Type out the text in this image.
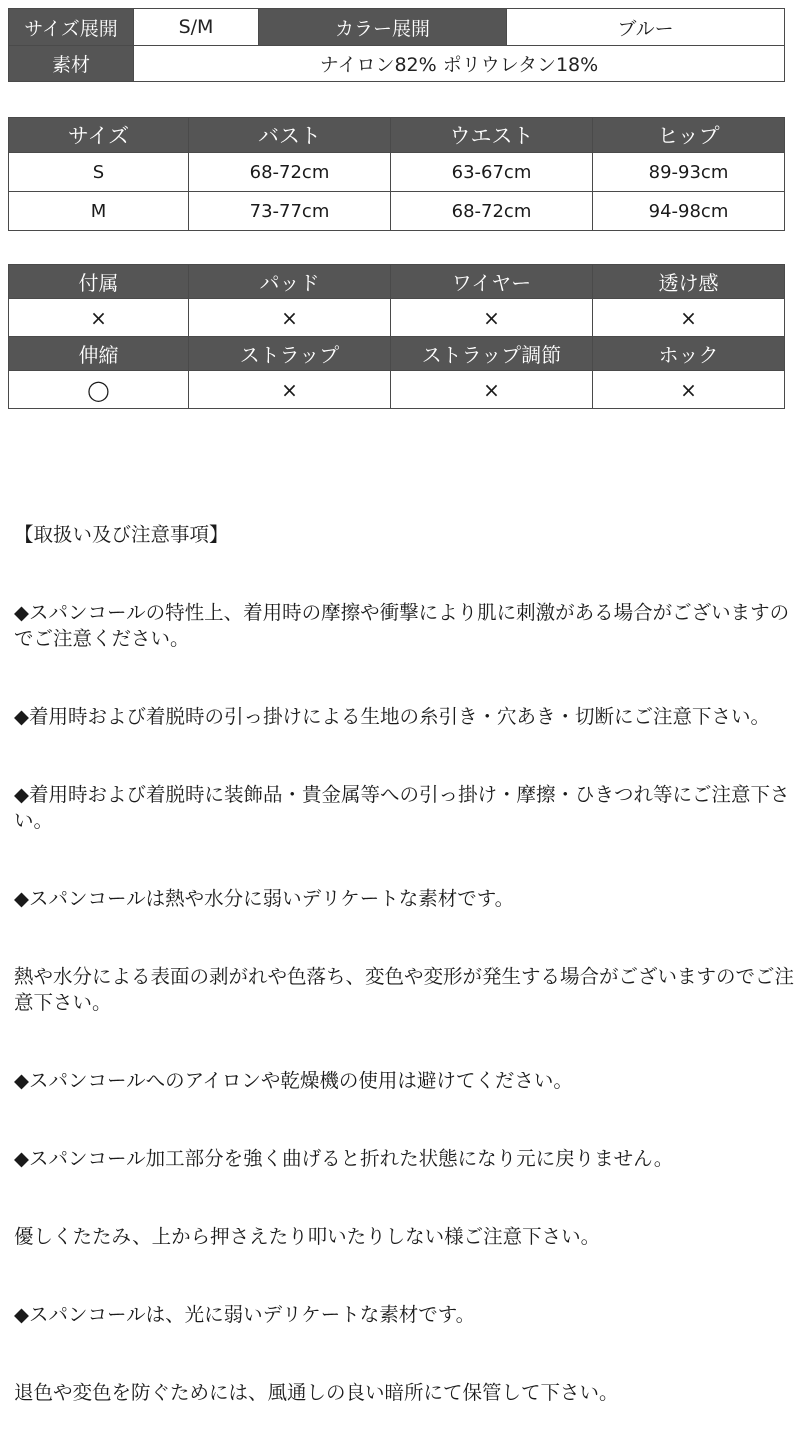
サイズ展開	S/M	カラー展開	ブルー
素材	ナイロン82% ポリウレタン18%		
サイズ	バスト	ウエスト	ヒップ
S	68-72cm	63-67cm	89-93cm
M	73-77cm	68-72cm	94-98cm
付属	パッド	ワイヤー	透け感
×	×	×	×
伸縮	ストラップ	ストラップ調節	ホック
◯	×	×	×

【取扱い及び注意事項】

◆スパンコールの特性上、着用時の摩擦や衝撃により肌に刺激がある場合がございますのでご注意ください。

◆着用時および着脱時の引っ掛けによる生地の糸引き・穴あき・切断にご注意下さい。

◆着用時および着脱時に装飾品・貴金属等への引っ掛け・摩擦・ひきつれ等にご注意下さい。

◆スパンコールは熱や水分に弱いデリケートな素材です。

熱や水分による表面の剥がれや色落ち、変色や変形が発生する場合がございますのでご注意下さい。

◆スパンコールへのアイロンや乾燥機の使用は避けてください。

◆スパンコール加工部分を強く曲げると折れた状態になり元に戻りません。

優しくたたみ、上から押さえたり叩いたりしない様ご注意下さい。

◆スパンコールは、光に弱いデリケートな素材です。

退色や変色を防ぐためには、風通しの良い暗所にて保管して下さい。
